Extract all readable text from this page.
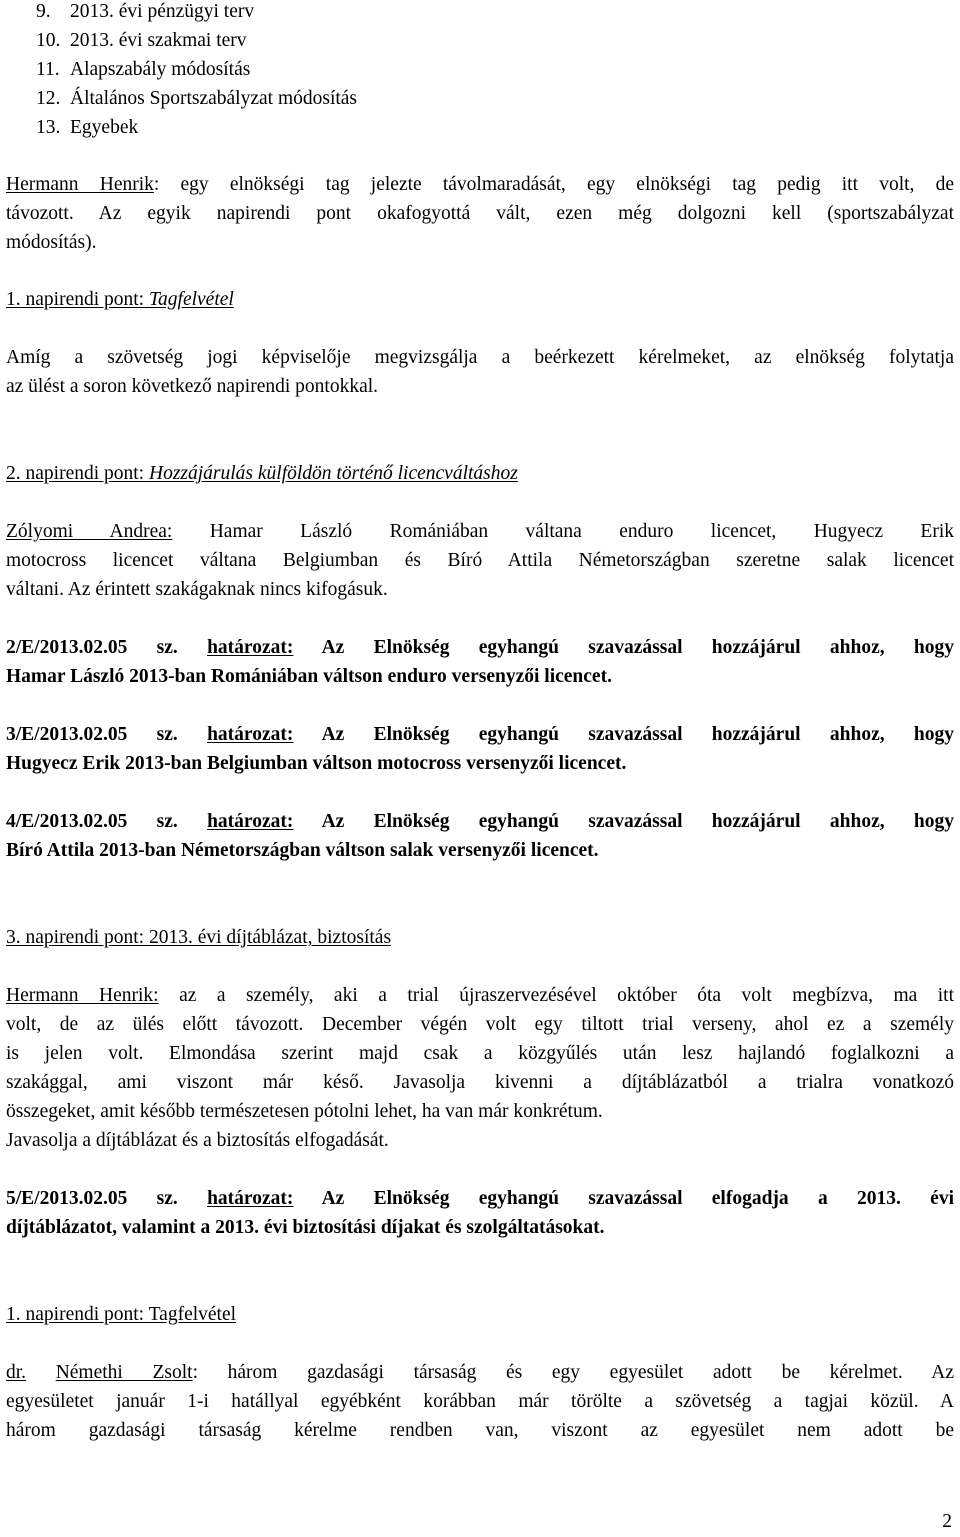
9. 2013. évi pénzügyi terv
10. 2013. évi szakmai terv
11. Alapszabály módosítás
12. Általános Sportszabályzat módosítás
13. Egyebek
Hermann Henrik: egy elnökségi tag jelezte távolmaradását, egy elnökségi tag pedig itt volt, de
távozott. Az egyik napirendi pont okafogyottá vált, ezen még dolgozni kell (sportszabályzat
módosítás).
1. napirendi pont: Tagfelvétel
Amíg a szövetség jogi képviselője megvizsgálja a beérkezett kérelmeket, az elnökség folytatja
az ülést a soron következő napirendi pontokkal.
2. napirendi pont: Hozzájárulás külföldön történő licencváltáshoz
Zólyomi Andrea: Hamar László Romániában váltana enduro licencet, Hugyecz Erik
motocross licencet váltana Belgiumban és Bíró Attila Németországban szeretne salak licencet
váltani. Az érintett szakágaknak nincs kifogásuk.
2/E/2013.02.05 sz. határozat: Az Elnökség egyhangú szavazással hozzájárul ahhoz, hogy
Hamar László 2013-ban Romániában váltson enduro versenyzői licencet.
3/E/2013.02.05 sz. határozat: Az Elnökség egyhangú szavazással hozzájárul ahhoz, hogy
Hugyecz Erik 2013-ban Belgiumban váltson motocross versenyzői licencet.
4/E/2013.02.05 sz. határozat: Az Elnökség egyhangú szavazással hozzájárul ahhoz, hogy
Bíró Attila 2013-ban Németországban váltson salak versenyzői licencet.
3. napirendi pont: 2013. évi díjtáblázat, biztosítás
Hermann Henrik: az a személy, aki a trial újraszervezésével október óta volt megbízva, ma itt
volt, de az ülés előtt távozott. December végén volt egy tiltott trial verseny, ahol ez a személy
is jelen volt. Elmondása szerint majd csak a közgyűlés után lesz hajlandó foglalkozni a
szakággal, ami viszont már késő. Javasolja kivenni a díjtáblázatból a trialra vonatkozó
összegeket, amit később természetesen pótolni lehet, ha van már konkrétum.
Javasolja a díjtáblázat és a biztosítás elfogadását.
5/E/2013.02.05 sz. határozat: Az Elnökség egyhangú szavazással elfogadja a 2013. évi
díjtáblázatot, valamint a 2013. évi biztosítási díjakat és szolgáltatásokat.
1. napirendi pont: Tagfelvétel
dr. Némethi Zsolt: három gazdasági társaság és egy egyesület adott be kérelmet. Az
egyesületet január 1-i hatállyal egyébként korábban már törölte a szövetség a tagjai közül. A
három gazdasági társaság kérelme rendben van, viszont az egyesület nem adott be
2
